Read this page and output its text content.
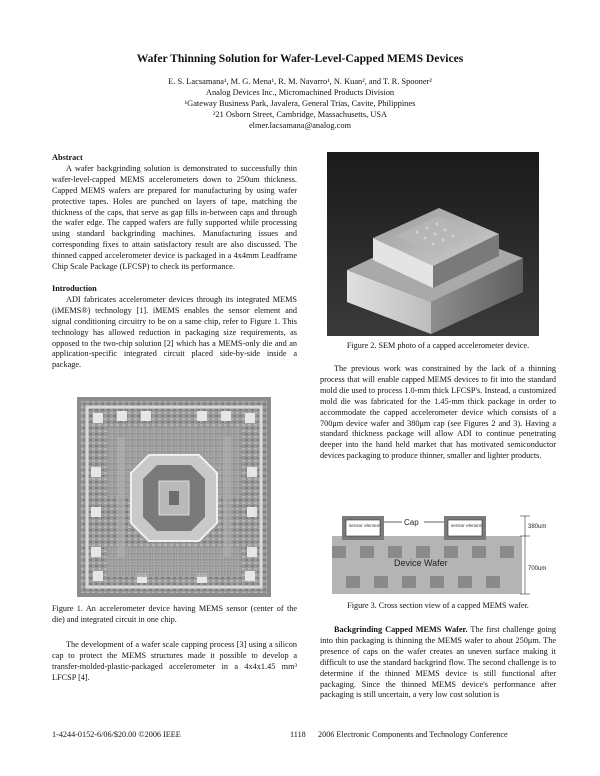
Wafer Thinning Solution for Wafer-Level-Capped MEMS Devices
E. S. Lacsamana¹, M. G. Mena¹, R. M. Navarro¹, N. Kuan², and T. R. Spooner²
Analog Devices Inc., Micromachined Products Division
¹Gateway Business Park, Javalera, General Trias, Cavite, Philippines
²21 Osborn Street, Cambridge, Massachusetts, USA
elmer.lacsamana@analog.com

Abstract

A wafer backgrinding solution is demonstrated to successfully thin wafer-level-capped MEMS accelerometers down to 250um thickness. Capped MEMS wafers are prepared for manufacturing by using wafer protective tapes. Holes are punched on layers of tape, matching the thickness of the caps, that serve as gap fills in-between caps and through the wafer edge. The capped wafers are fully supported while processing using standard backgrinding machines. Manufacturing issues and corresponding fixes to attain satisfactory result are also discussed. The thinned capped accelerometer device is packaged in a 4x4mm Leadframe Chip Scale Package (LFCSP) to check its performance.

Introduction

ADI fabricates accelerometer devices through its integrated MEMS (iMEMS®) technology [1]. iMEMS enables the sensor element and signal conditioning circuitry to be on a same chip, refer to Figure 1. This technology has allowed reduction in packaging size requirements, as opposed to the two-chip solution [2] which has a MEMS-only die and an application-specific integrated circuit placed side-by-side inside a package.

Figure 1. An accelerometer device having MEMS sensor (center of the die) and integrated circuit in one chip.

The development of a wafer scale capping process [3] using a silicon cap to protect the MEMS structures made it possible to develop a transfer-molded-plastic-packaged accelerometer in a 4x4x1.45 mm³ LFCSP [4].

Figure 2. SEM photo of a capped accelerometer device.

The previous work was constrained by the lack of a thinning process that will enable capped MEMS devices to fit into the standard mold die used to process 1.0-mm thick LFCSP's. Instead, a customized mold die was fabricated for the 1.45-mm thick package in order to accommodate the capped accelerometer device which consists of a 700μm device wafer and 380μm cap (see Figures 2 and 3). Having a standard thickness package will allow ADI to continue penetrating deeper into the hand held market that has motivated semiconductor devices packaging to produce thinner, smaller and lighter products.

Cap
sensor element	sensor element
Device Wafer
380um
700um
Figure 3. Cross section view of a capped MEMS wafer.

Backgrinding Capped MEMS Wafer. The first challenge going into thin packaging is thinning the MEMS wafer to about 250μm. The presence of caps on the wafer creates an uneven surface making it difficult to use the standard backgrind flow. The second challenge is to determine if the thinned MEMS device is still functional after packaging. Since the thinned MEMS device's performance after packaging is still uncertain, a very low cost solution is

1-4244-0152-6/06/$20.00 ©2006 IEEE	1118 2006 Electronic Components and Technology Conference
